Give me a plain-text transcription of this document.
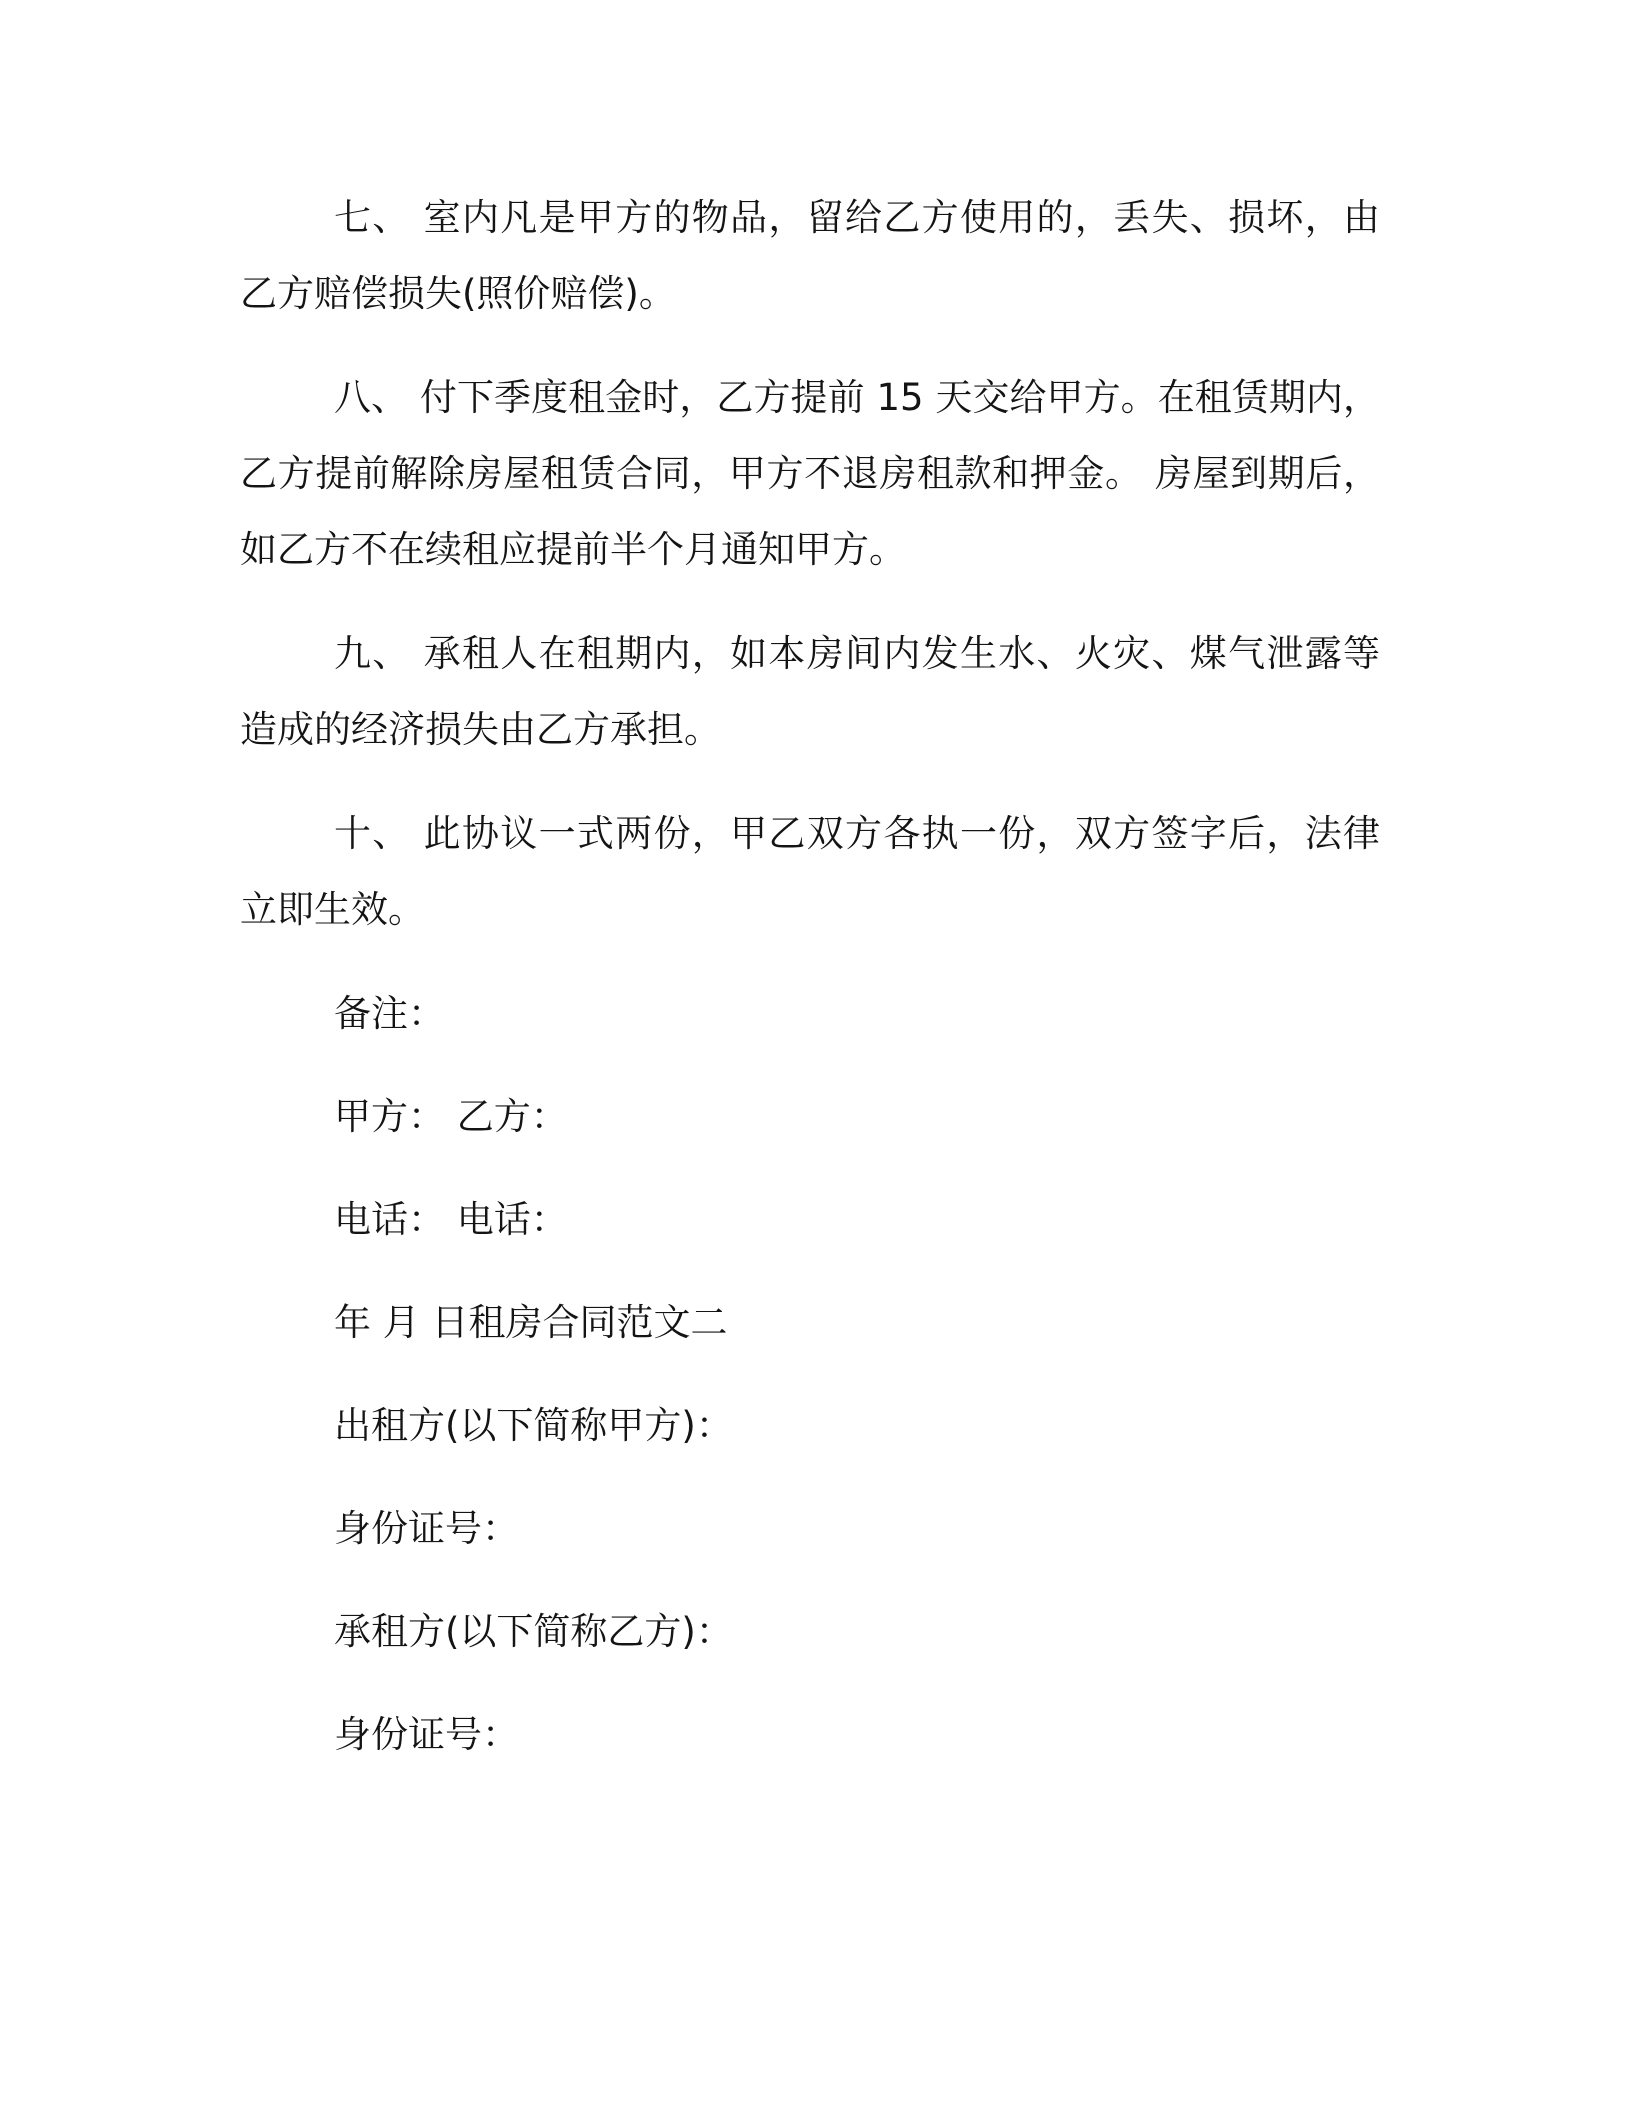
七、 室内凡是甲方的物品，留给乙方使用的，丢失、损坏，由乙方赔偿损失(照价赔偿)。

八、 付下季度租金时，乙方提前 15 天交给甲方。在租赁期内，乙方提前解除房屋租赁合同，甲方不退房租款和押金。 房屋到期后，如乙方不在续租应提前半个月通知甲方。

九、 承租人在租期内，如本房间内发生水、火灾、煤气泄露等造成的经济损失由乙方承担。

十、 此协议一式两份，甲乙双方各执一份，双方签字后，法律立即生效。

备注：
甲方： 乙方：
电话： 电话：
年 月 日租房合同范文二
出租方(以下简称甲方)：
身份证号：
承租方(以下简称乙方)：
身份证号：
